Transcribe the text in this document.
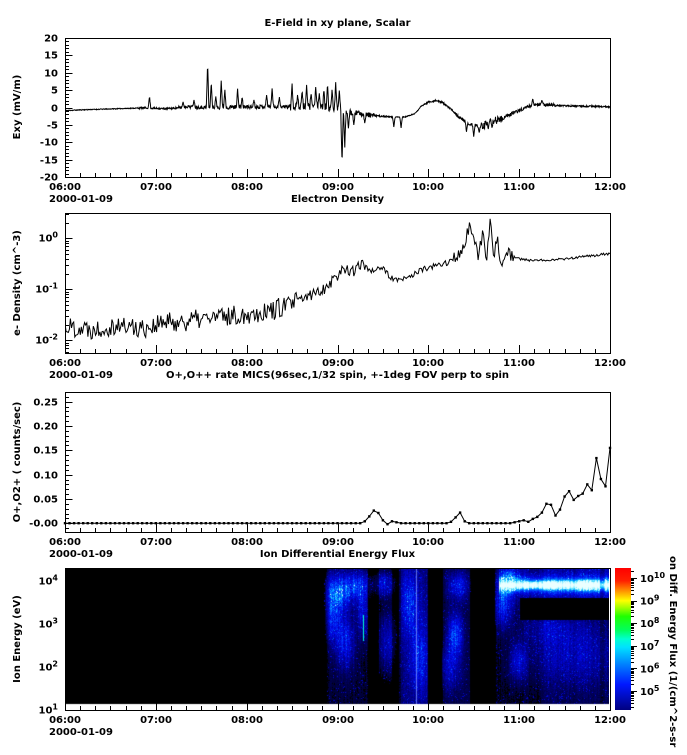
06:00	07:00	08:00	09:00	10:00	11:00	12:00
20
15
10
5
0
-5
-10
-15
-20
06:00	07:00	08:00	09:00	10:00	11:00	12:00
$10^0$
$10^{-1}$
$10^{-2}$
06:00	07:00	08:00	09:00	10:00	11:00	12:00
0.25
0.20
0.15
0.10
0.05
-0.00
06:00	07:00	08:00	09:00	10:00	11:00	12:00
$10^4$
$10^3$
$10^2$
$10^1$
$10^{10}$
$10^9$
$10^8$
$10^7$
$10^6$
$10^5$
E-Field in xy plane, Scalar
Electron Density
O+,O++ rate MICS(96sec,1/32 spin, +-1deg FOV perp to spin
Ion Differential Energy Flux
2000-01-09
2000-01-09
2000-01-09
2000-01-09
Exy (mV/m)
e- Density (cm^-3)
O+,O2+ ( counts/sec)
Ion Energy (eV)	on Diff. Energy Flux (1/(cm^2-s-sr
